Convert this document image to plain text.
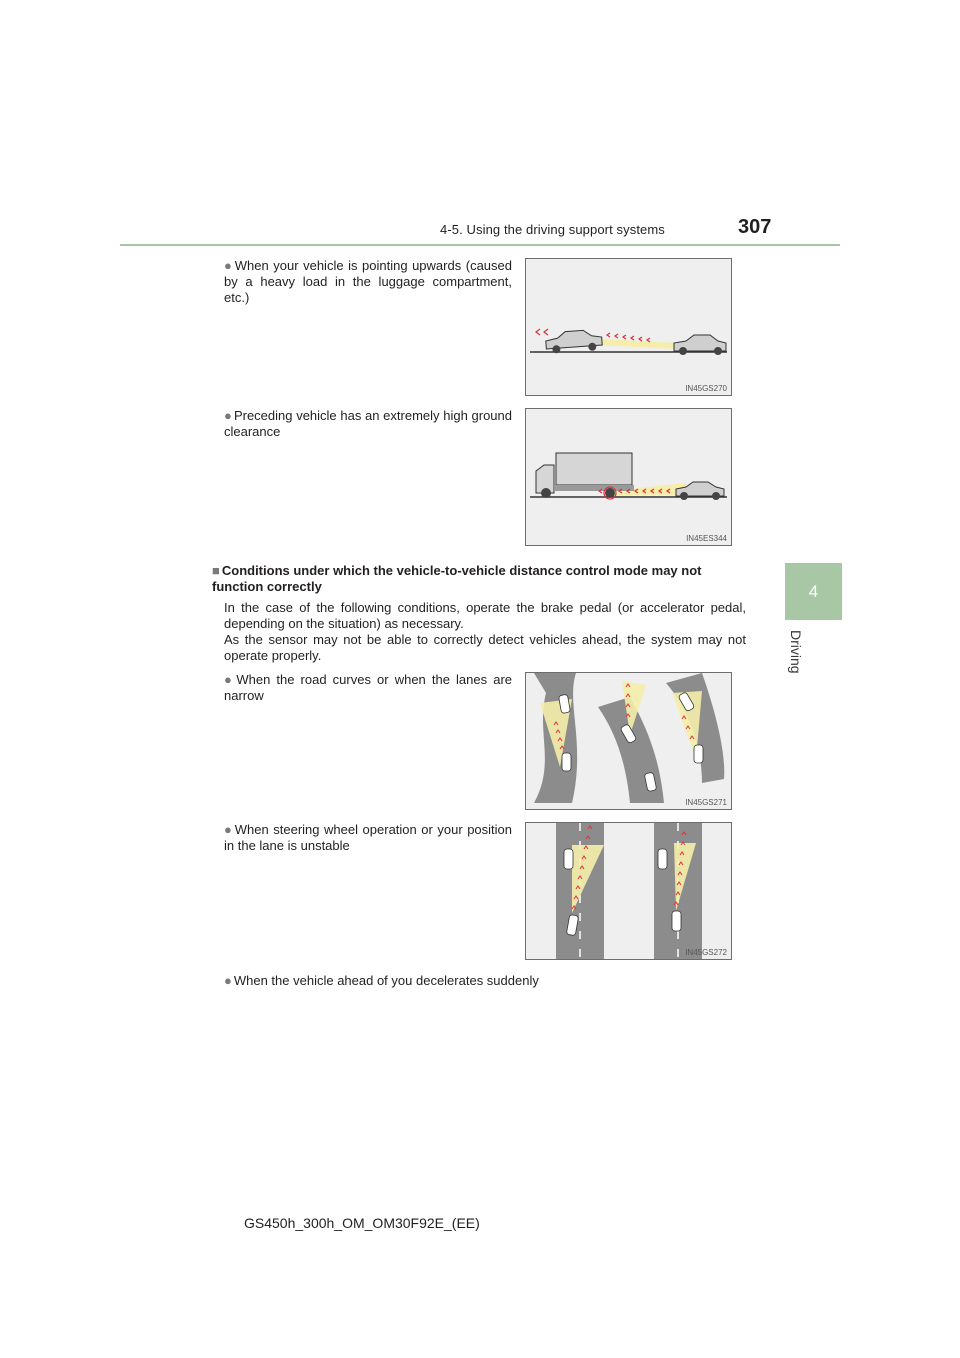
4-5. Using the driving support systems	307
4
Driving
● When your vehicle is pointing upwards (caused by a heavy load in the luggage compartment, etc.)
IN45GS270
● Preceding vehicle has an extremely high ground clearance
IN45ES344
■ Conditions under which the vehicle-to-vehicle distance control mode may not function correctly
In the case of the following conditions, operate the brake pedal (or accelerator pedal, depending on the situation) as necessary.
As the sensor may not be able to correctly detect vehicles ahead, the system may not operate properly.
● When the road curves or when the lanes are narrow
IN45GS271
● When steering wheel operation or your position in the lane is unstable
IN45GS272
● When the vehicle ahead of you decelerates suddenly
GS450h_300h_OM_OM30F92E_(EE)
